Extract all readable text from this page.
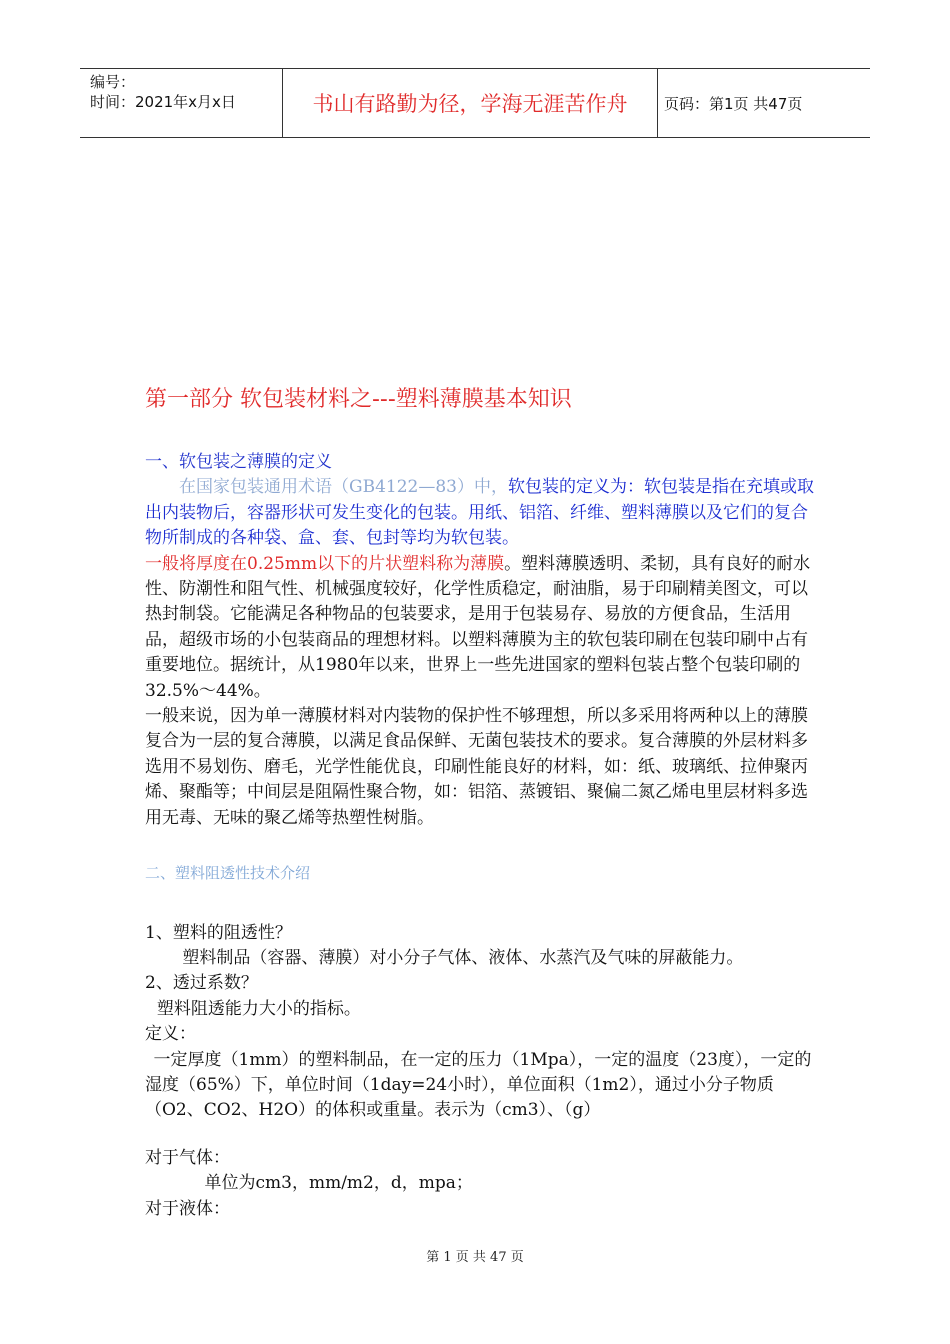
编号：
时间：2021年x月x日	书山有路勤为径，学海无涯苦作舟	页码：第1页 共47页

第一部分 软包装材料之---塑料薄膜基本知识

一、软包装之薄膜的定义

在国家包装通用术语（GB4122—83）中，软包装的定义为：软包装是指在充填或取出内装物后，容器形状可发生变化的包装。用纸、铝箔、纤维、塑料薄膜以及它们的复合物所制成的各种袋、盒、套、包封等均为软包装。

一般将厚度在0.25mm以下的片状塑料称为薄膜。塑料薄膜透明、柔韧，具有良好的耐水性、防潮性和阻气性、机械强度较好，化学性质稳定，耐油脂，易于印刷精美图文，可以热封制袋。它能满足各种物品的包装要求，是用于包装易存、易放的方便食品，生活用品，超级市场的小包装商品的理想材料。以塑料薄膜为主的软包装印刷在包装印刷中占有重要地位。据统计，从1980年以来，世界上一些先进国家的塑料包装占整个包装印刷的32.5%～44%。

一般来说，因为单一薄膜材料对内装物的保护性不够理想，所以多采用将两种以上的薄膜复合为一层的复合薄膜，以满足食品保鲜、无菌包装技术的要求。复合薄膜的外层材料多选用不易划伤、磨毛，光学性能优良，印刷性能良好的材料，如：纸、玻璃纸、拉伸聚丙烯、聚酯等；中间层是阻隔性聚合物，如：铝箔、蒸镀铝、聚偏二氮乙烯电里层材料多选用无毒、无味的聚乙烯等热塑性树脂。

二、塑料阻透性技术介绍

1、塑料的阻透性？

塑料制品（容器、薄膜）对小分子气体、液体、水蒸汽及气味的屏蔽能力。

2、透过系数？

塑料阻透能力大小的指标。

定义：

一定厚度（1mm）的塑料制品，在一定的压力（1Mpa），一定的温度（23度），一定的湿度（65%）下，单位时间（1day=24小时），单位面积（1m2），通过小分子物质（O2、CO2、H2O）的体积或重量。表示为（cm3）、（g）

对于气体：

单位为cm3，mm/m2，d，mpa；

对于液体：

第 1 页 共 47 页
